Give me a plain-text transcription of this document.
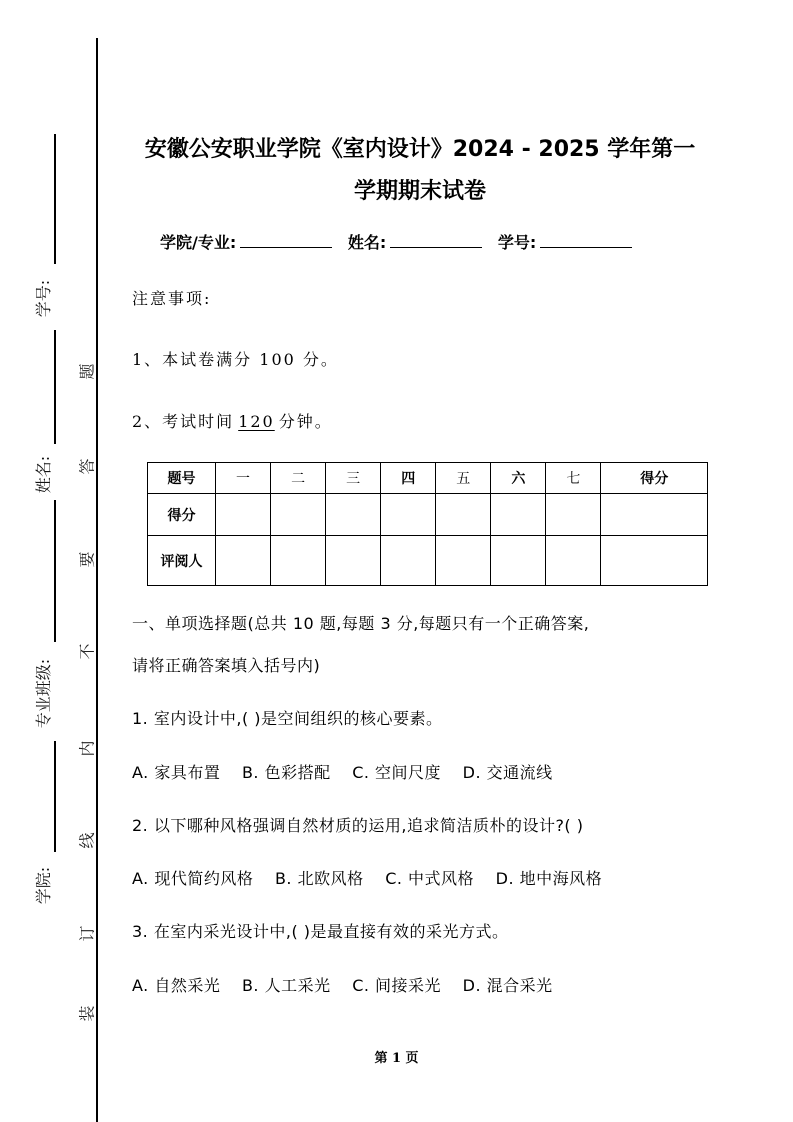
学号:
姓名:
专业班级:
学院:
题
答
要
不
内
线
订
装
安徽公安职业学院《室内设计》2024 - 2025 学年第一
学期期末试卷
学院/专业:	姓名:	学号:
注意事项:
1、本试卷满分 100 分。
2、考试时间 120 分钟。
题号	一	二	三	四	五	六	七	得分
得分								
评阅人								
一、单项选择题(总共 10 题,每题 3 分,每题只有一个正确答案,
请将正确答案填入括号内)
1. 室内设计中,( )是空间组织的核心要素。
A. 家具布置 B. 色彩搭配 C. 空间尺度 D. 交通流线
2. 以下哪种风格强调自然材质的运用,追求简洁质朴的设计?( )
A. 现代简约风格 B. 北欧风格 C. 中式风格 D. 地中海风格
3. 在室内采光设计中,( )是最直接有效的采光方式。
A. 自然采光 B. 人工采光 C. 间接采光 D. 混合采光
第 1 页
